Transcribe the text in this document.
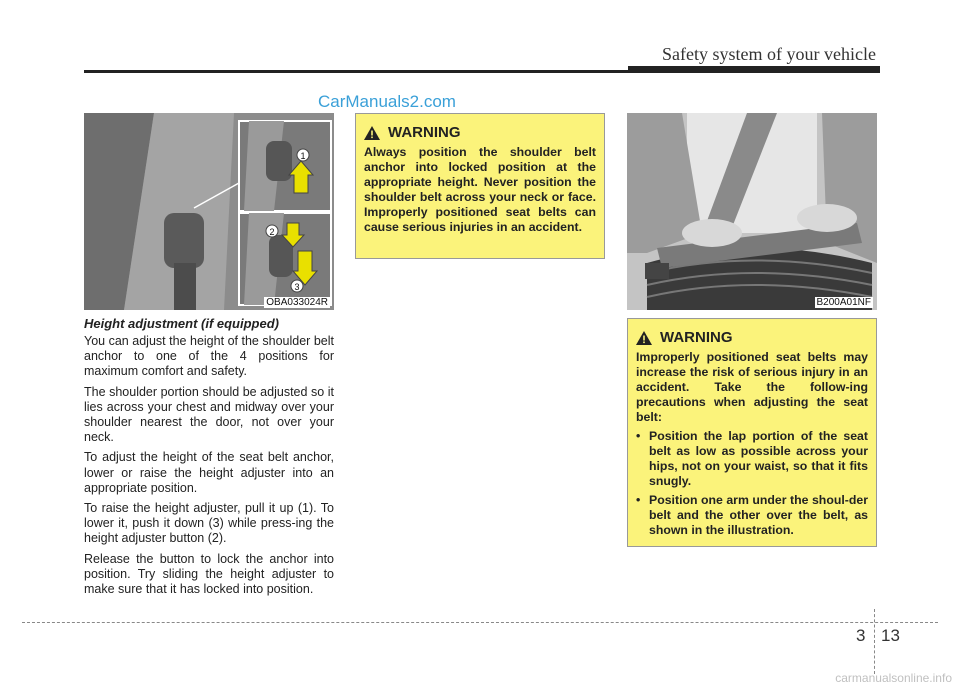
Safety system of your vehicle
CarManuals2.com
1
2
3
OBA033024R
Height adjustment (if equipped)

You can adjust the height of the shoulder belt anchor to one of the 4 positions for maximum comfort and safety.

The shoulder portion should be adjusted so it lies across your chest and midway over your shoulder nearest the door, not over your neck.

To adjust the height of the seat belt anchor, lower or raise the height adjuster into an appropriate position.

To raise the height adjuster, pull it up (1). To lower it, push it down (3) while press-ing the height adjuster button (2).

Release the button to lock the anchor into position. Try sliding the height adjuster to make sure that it has locked into position.

WARNING
Always position the shoulder belt anchor into locked position at the appropriate height. Never position the shoulder belt across your neck or face. Improperly positioned seat belts can cause serious injuries in an accident.
B200A01NF
WARNING
Improperly positioned seat belts may increase the risk of serious injury in an accident. Take the follow-ing precautions when adjusting the seat belt:
• Position the lap portion of the seat belt as low as possible across your hips, not on your waist, so that it fits snugly.
• Position one arm under the shoul-der belt and the other over the belt, as shown in the illustration.
3 13
carmanualsonline.info
